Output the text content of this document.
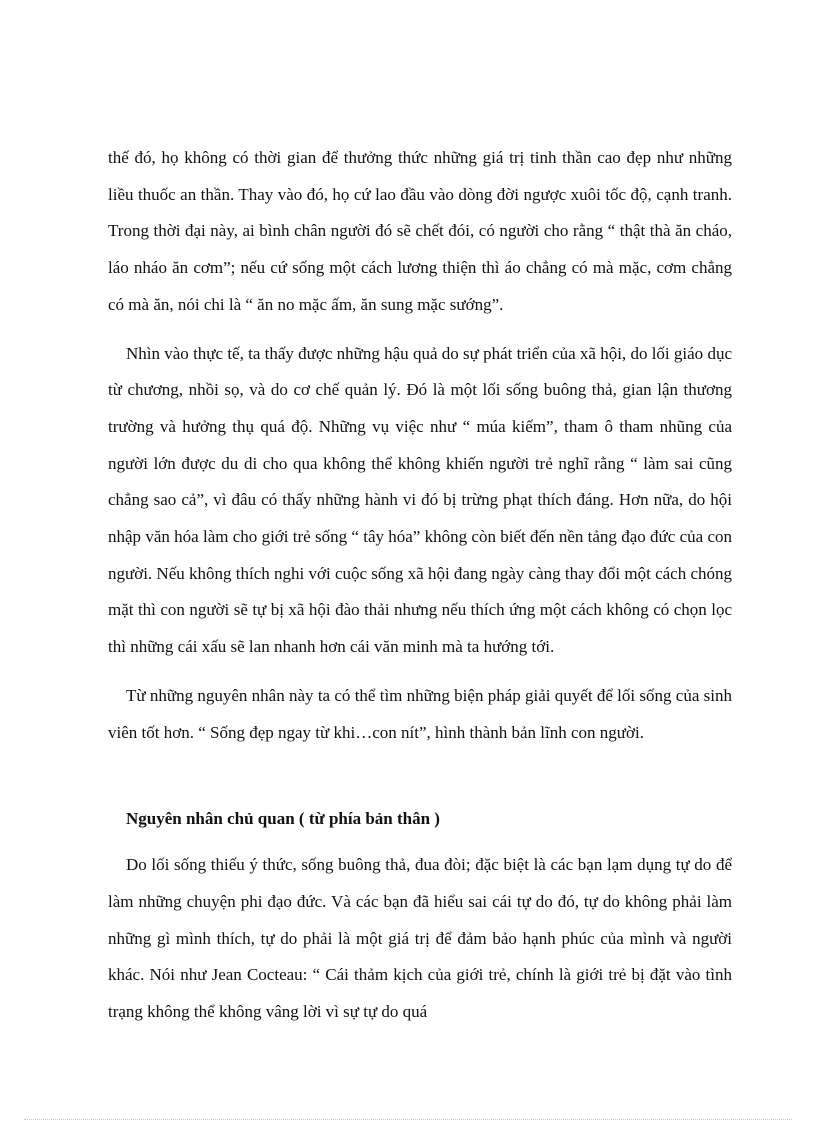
thế đó, họ không có thời gian để thưởng thức những giá trị tinh thần cao đẹp như những liều thuốc an thần. Thay vào đó, họ cứ lao đầu vào dòng đời ngược xuôi tốc độ, cạnh tranh. Trong thời đại này, ai bình chân người đó sẽ chết đói, có người cho rằng “ thật thà ăn cháo, láo nháo ăn cơm”; nếu cứ sống một cách lương thiện thì áo chẳng có mà mặc, cơm chẳng có mà ăn, nói chi là “ ăn no mặc ấm, ăn sung mặc sướng”.

Nhìn vào thực tế, ta thấy được những hậu quả do sự phát triển của xã hội, do lối giáo dục từ chương, nhồi sọ, và do cơ chế quản lý. Đó là một lối sống buông thả, gian lận thương trường và hưởng thụ quá độ. Những vụ việc như “ múa kiếm”, tham ô tham nhũng của người lớn được du di cho qua không thể không khiến người trẻ nghĩ rằng “ làm sai cũng chẳng sao cả”, vì đâu có thấy những hành vi đó bị trừng phạt thích đáng. Hơn nữa, do hội nhập văn hóa làm cho giới trẻ sống “ tây hóa” không còn biết đến nền tảng đạo đức của con người. Nếu không thích nghi với cuộc sống xã hội đang ngày càng thay đổi một cách chóng mặt thì con người sẽ tự bị xã hội đào thải nhưng nếu thích ứng một cách không có chọn lọc thì những cái xấu sẽ lan nhanh hơn cái văn minh mà ta hướng tới.

Từ những nguyên nhân này ta có thể tìm những biện pháp giải quyết để lối sống của sinh viên tốt hơn. “ Sống đẹp ngay từ khi…con nít”, hình thành bản lĩnh con người.

Nguyên nhân chủ quan ( từ phía bản thân )

Do lối sống thiếu ý thức, sống buông thả, đua đòi; đặc biệt là các bạn lạm dụng tự do để làm những chuyện phi đạo đức. Và các bạn đã hiểu sai cái tự do đó, tự do không phải làm những gì mình thích, tự do phải là một giá trị để đảm bảo hạnh phúc của mình và người khác. Nói như Jean Cocteau: “ Cái thảm kịch của giới trẻ, chính là giới trẻ bị đặt vào tình trạng không thể không vâng lời vì sự tự do quá
